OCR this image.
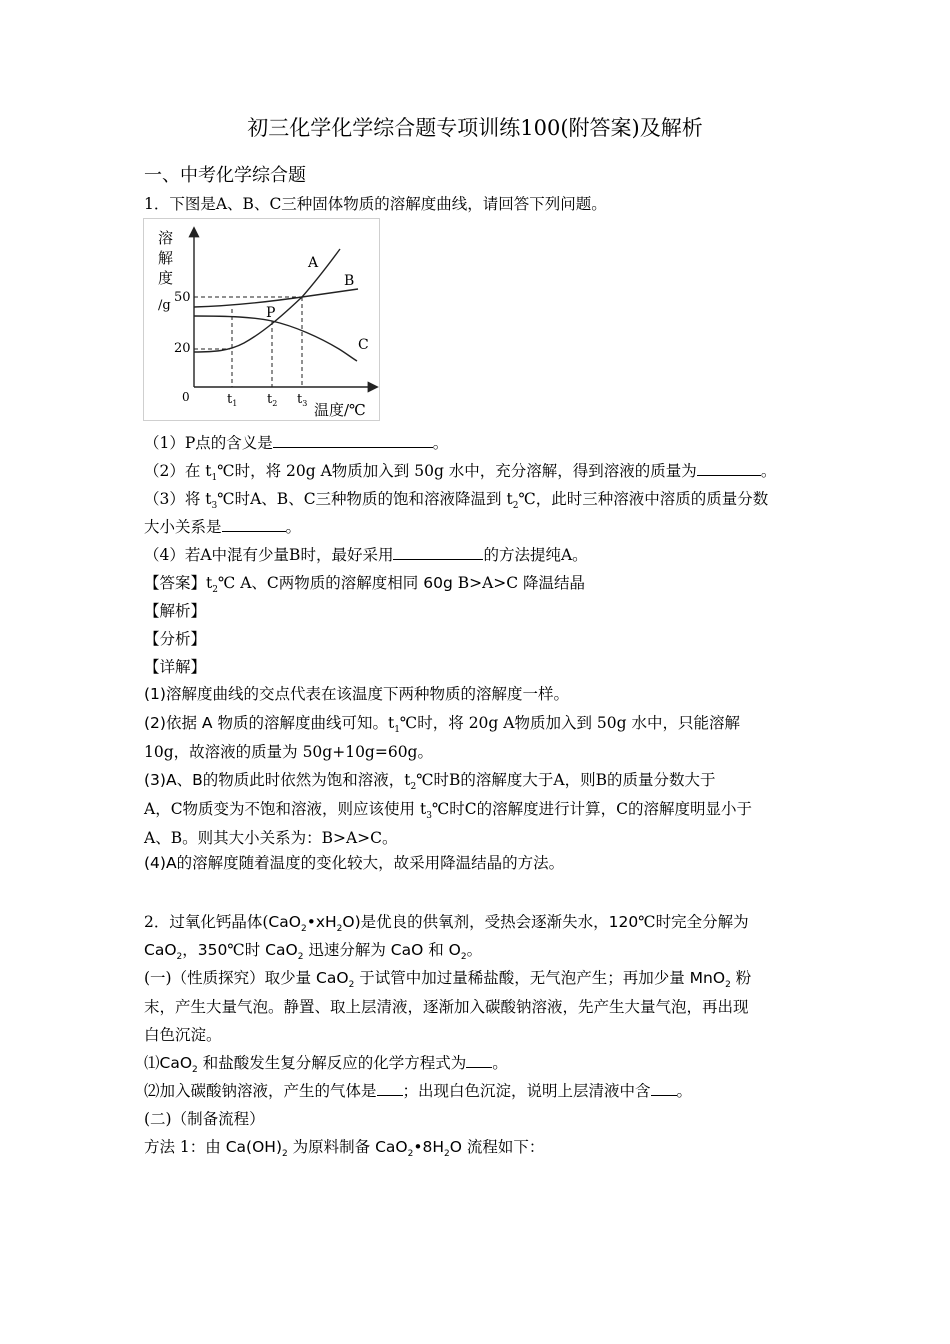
初三化学化学综合题专项训练100(附答案)及解析
一、中考化学综合题
1．下图是A、B、C三种固体物质的溶解度曲线，请回答下列问题。
溶
解
度
/g
50
20
0	$t_1$ $t_2$ $t_3$ 温度/℃
A
B
C
P
（1）P点的含义是	。
（2）在 $t_1℃$时，将 20g A物质加入到 50g 水中，充分溶解，得到溶液的质量为	。
（3）将 $t_3℃$时A、B、C三种物质的饱和溶液降温到 $t_2℃$，此时三种溶液中溶质的质量分数
大小关系是	。
（4）若A中混有少量B时，最好采用	的方法提纯A。
【答案】$t_2℃$ A、C两物质的溶解度相同 60g B>A>C 降温结晶
【解析】
【分析】
【详解】
(1)溶解度曲线的交点代表在该温度下两种物质的溶解度一样。
(2)依据 A 物质的溶解度曲线可知。$t_1℃$时，将 20g A物质加入到 50g 水中，只能溶解
10g，故溶液的质量为 50g+10g=60g。
(3)A、B的物质此时依然为饱和溶液，$t_2℃$时B的溶解度大于A，则B的质量分数大于
A，C物质变为不饱和溶液，则应该使用 $t_3℃$时C的溶解度进行计算，C的溶解度明显小于
A、B。则其大小关系为：B>A>C。
(4)A的溶解度随着温度的变化较大，故采用降温结晶的方法。
2．过氧化钙晶体$(CaO_2•xH_2O)$是优良的供氧剂，受热会逐渐失水，120℃时完全分解为
CaO$_2$，350℃时 CaO$_2$ 迅速分解为 CaO 和 $O_2$。
(一)（性质探究）取少量 CaO$_2$ 于试管中加过量稀盐酸，无气泡产生；再加少量 MnO$_2$ 粉
末，产生大量气泡。静置、取上层清液，逐渐加入碳酸钠溶液，先产生大量气泡，再出现
白色沉淀。
⑴CaO$_2$ 和盐酸发生复分解反应的化学方程式为 。
⑵加入碳酸钠溶液，产生的气体是 ；出现白色沉淀，说明上层清液中含 。
(二)（制备流程）
方法 1：由 $Ca(OH)_2$ 为原料制备 $CaO_2•8H_2O$ 流程如下：
